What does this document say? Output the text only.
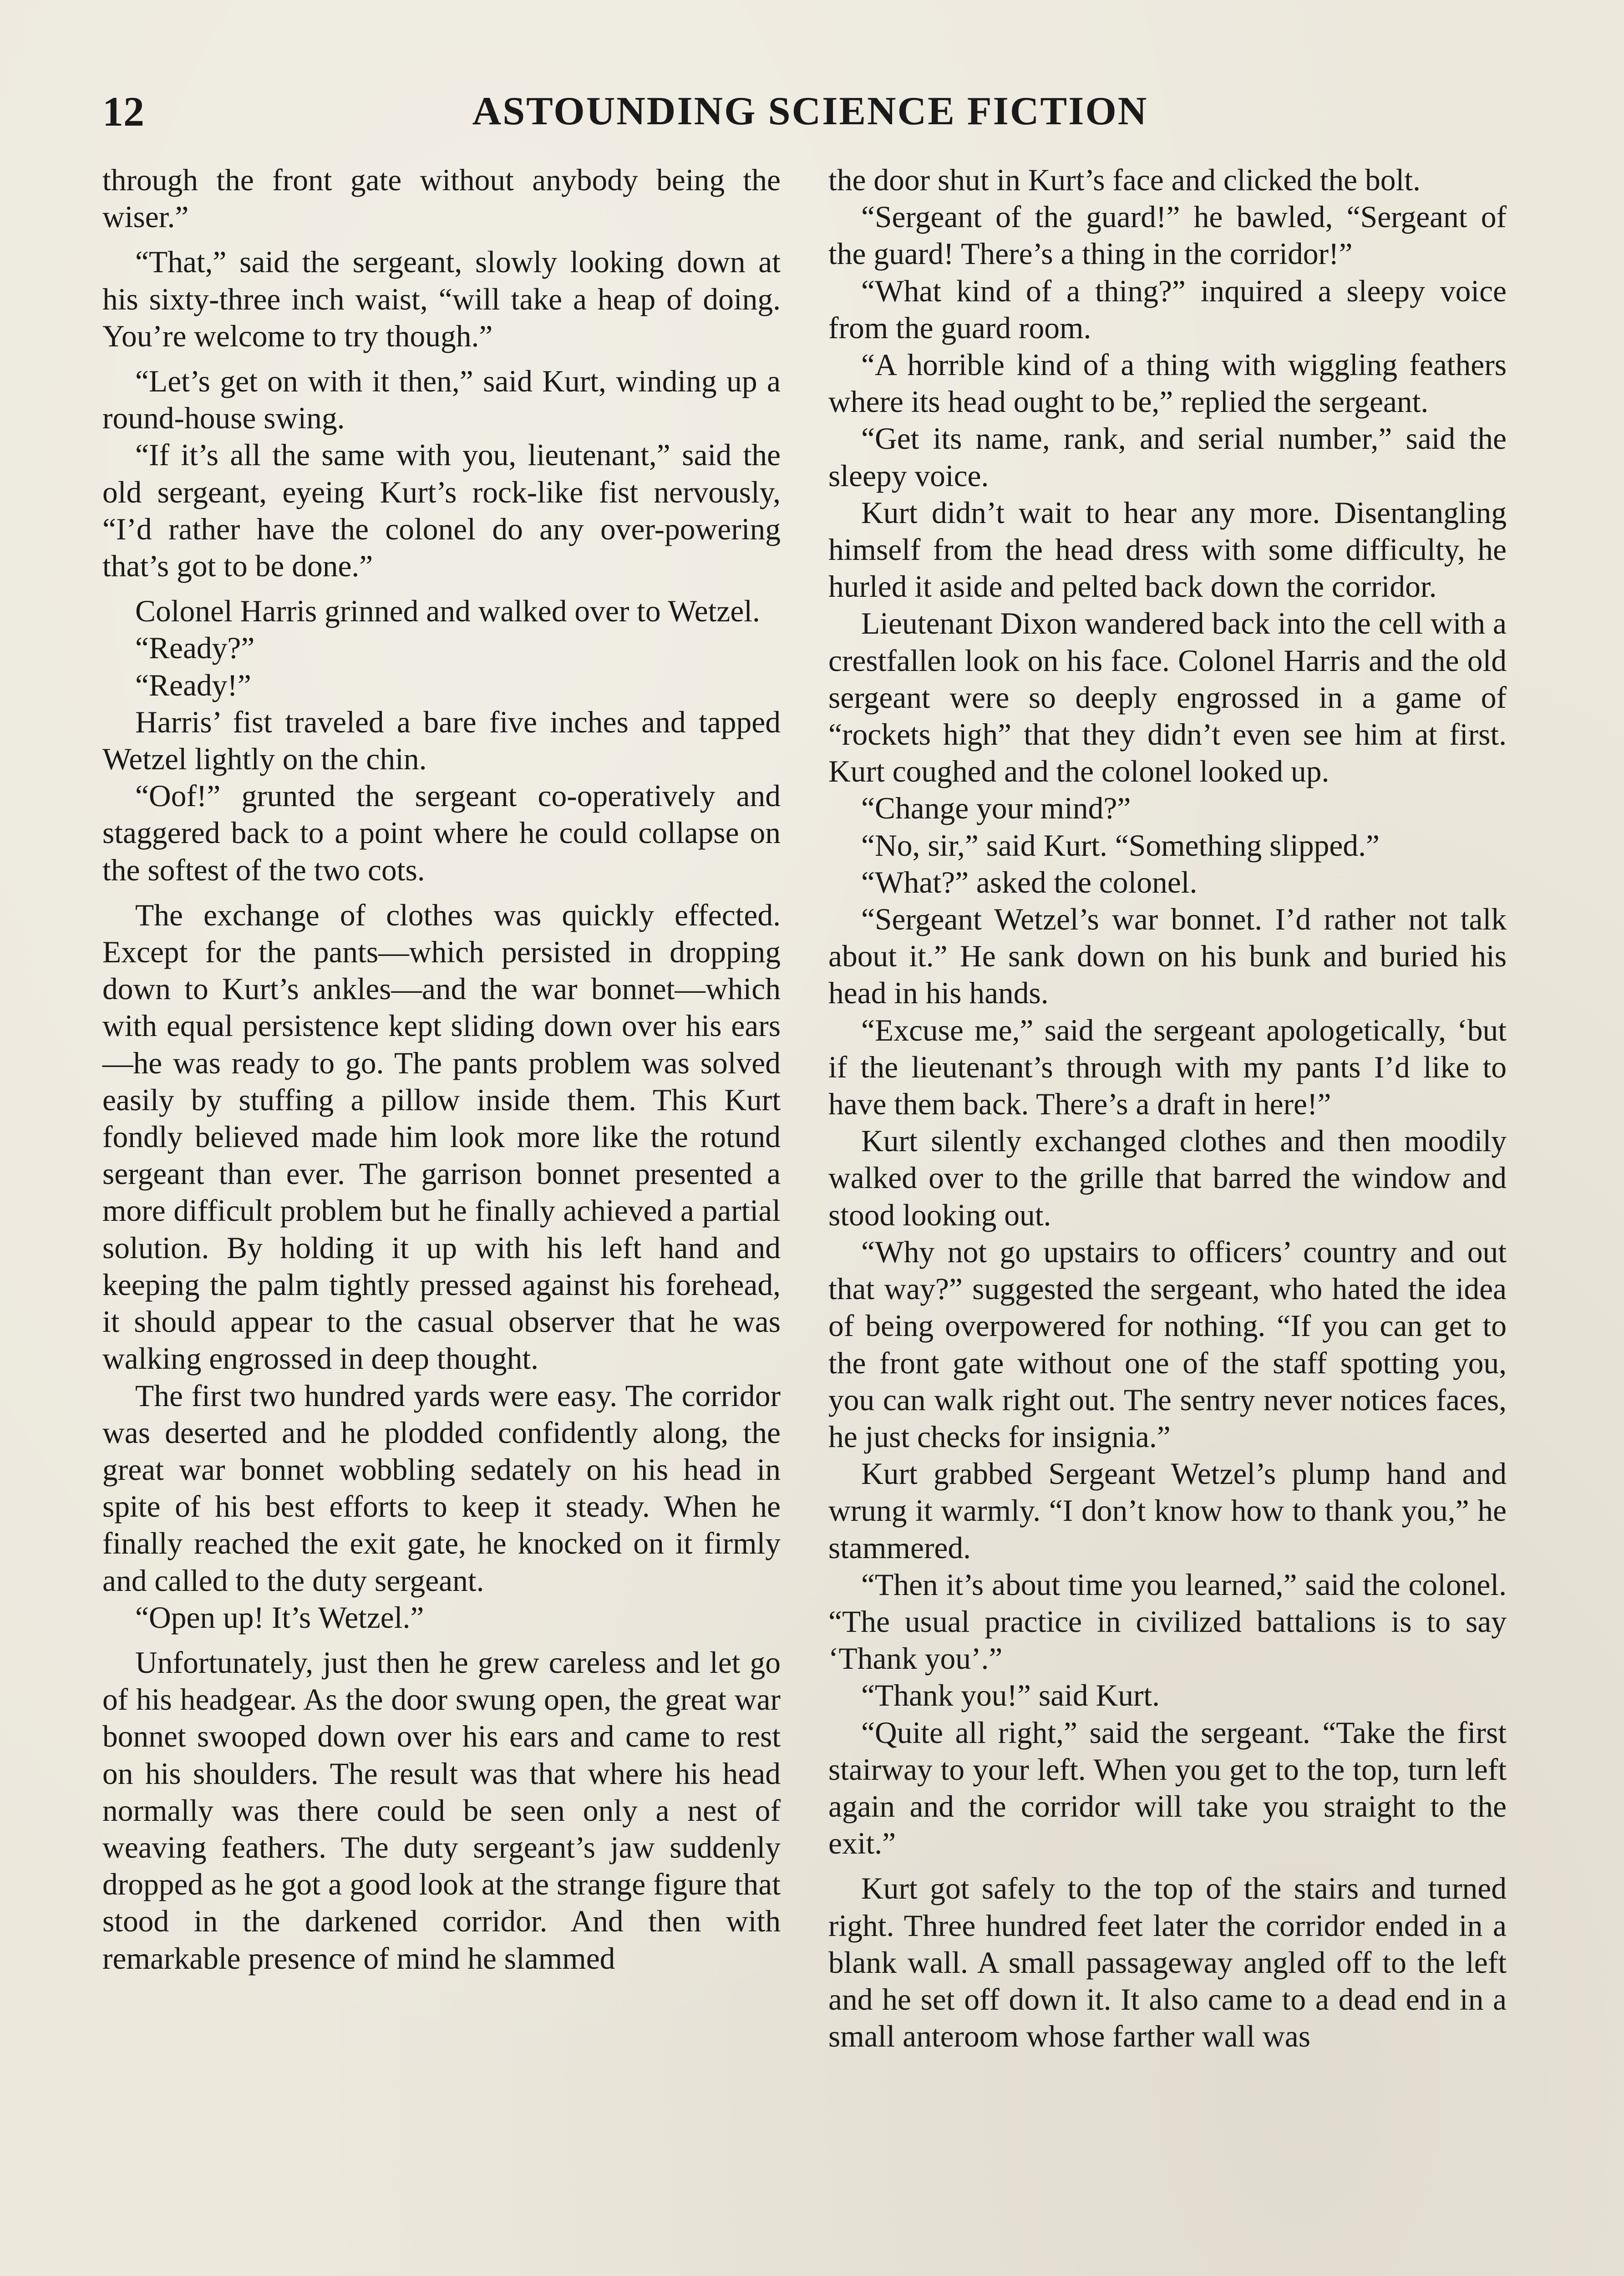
12	ASTOUNDING SCIENCE FICTION

through the front gate without anybody being the wiser.”

“That,” said the sergeant, slowly looking down at his sixty-three inch waist, “will take a heap of doing. You’re welcome to try though.”

“Let’s get on with it then,” said Kurt, winding up a round-house swing.

“If it’s all the same with you, lieutenant,” said the old sergeant, eyeing Kurt’s rock-like fist nervously, “I’d rather have the colonel do any over-powering that’s got to be done.”

Colonel Harris grinned and walked over to Wetzel.

“Ready?”

“Ready!”

Harris’ fist traveled a bare five inches and tapped Wetzel lightly on the chin.

“Oof!” grunted the sergeant co-operatively and staggered back to a point where he could collapse on the softest of the two cots.

The exchange of clothes was quickly effected. Except for the pants—which persisted in dropping down to Kurt’s ankles—and the war bonnet—which with equal persistence kept sliding down over his ears—he was ready to go. The pants problem was solved easily by stuffing a pillow inside them. This Kurt fondly believed made him look more like the rotund sergeant than ever. The garrison bonnet presented a more difficult problem but he finally achieved a partial solution. By holding it up with his left hand and keeping the palm tightly pressed against his forehead, it should appear to the casual observer that he was walking engrossed in deep thought.

The first two hundred yards were easy. The corridor was deserted and he plodded confidently along, the great war bonnet wobbling sedately on his head in spite of his best efforts to keep it steady. When he finally reached the exit gate, he knocked on it firmly and called to the duty sergeant.

“Open up! It’s Wetzel.”

Unfortunately, just then he grew careless and let go of his headgear. As the door swung open, the great war bonnet swooped down over his ears and came to rest on his shoulders. The result was that where his head normally was there could be seen only a nest of weaving feathers. The duty sergeant’s jaw suddenly dropped as he got a good look at the strange figure that stood in the darkened corridor. And then with remarkable presence of mind he slammed

the door shut in Kurt’s face and clicked the bolt.

“Sergeant of the guard!” he bawled, “Sergeant of the guard! There’s a thing in the corridor!”

“What kind of a thing?” inquired a sleepy voice from the guard room.

“A horrible kind of a thing with wiggling feathers where its head ought to be,” replied the sergeant.

“Get its name, rank, and serial number,” said the sleepy voice.

Kurt didn’t wait to hear any more. Disentangling himself from the head dress with some difficulty, he hurled it aside and pelted back down the corridor.

Lieutenant Dixon wandered back into the cell with a crestfallen look on his face. Colonel Harris and the old sergeant were so deeply engrossed in a game of “rockets high” that they didn’t even see him at first. Kurt coughed and the colonel looked up.

“Change your mind?”

“No, sir,” said Kurt. “Something slipped.”

“What?” asked the colonel.

“Sergeant Wetzel’s war bonnet. I’d rather not talk about it.” He sank down on his bunk and buried his head in his hands.

“Excuse me,” said the sergeant apologetically, ‘but if the lieutenant’s through with my pants I’d like to have them back. There’s a draft in here!”

Kurt silently exchanged clothes and then moodily walked over to the grille that barred the window and stood looking out.

“Why not go upstairs to officers’ country and out that way?” suggested the sergeant, who hated the idea of being overpowered for nothing. “If you can get to the front gate without one of the staff spotting you, you can walk right out. The sentry never notices faces, he just checks for insignia.”

Kurt grabbed Sergeant Wetzel’s plump hand and wrung it warmly. “I don’t know how to thank you,” he stammered.

“Then it’s about time you learned,” said the colonel. “The usual practice in civilized battalions is to say ‘Thank you’.”

“Thank you!” said Kurt.

“Quite all right,” said the sergeant. “Take the first stairway to your left. When you get to the top, turn left again and the corridor will take you straight to the exit.”

Kurt got safely to the top of the stairs and turned right. Three hundred feet later the corridor ended in a blank wall. A small passageway angled off to the left and he set off down it. It also came to a dead end in a small anteroom whose farther wall was
